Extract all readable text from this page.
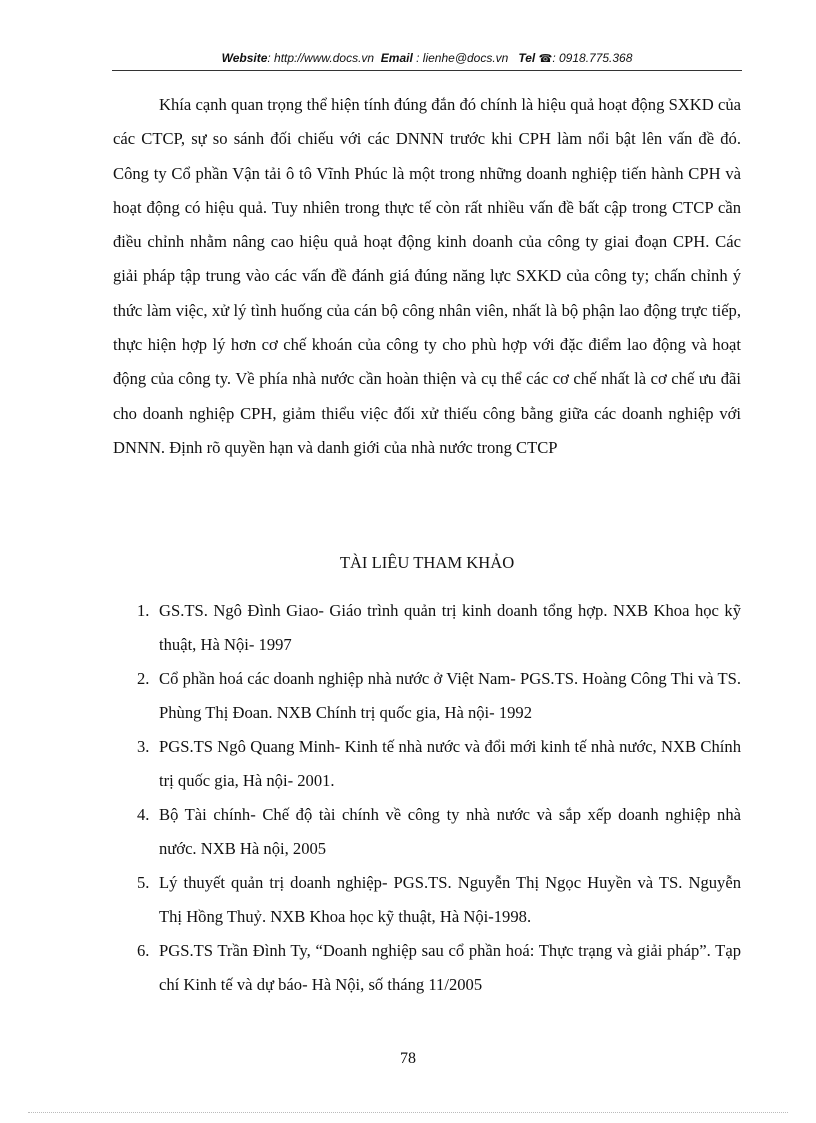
Website: http://www.docs.vn Email : lienhe@docs.vn Tel ☎: 0918.775.368

Khía cạnh quan trọng thể hiện tính đúng đắn đó chính là hiệu quả hoạt động SXKD của các CTCP, sự so sánh đối chiếu với các DNNN trước khi CPH làm nổi bật lên vấn đề đó. Công ty Cổ phần Vận tải ô tô Vĩnh Phúc là một trong những doanh nghiệp tiến hành CPH và hoạt động có hiệu quả. Tuy nhiên trong thực tế còn rất nhiều vấn đề bất cập trong CTCP cần điều chỉnh nhằm nâng cao hiệu quả hoạt động kinh doanh của công ty giai đoạn CPH. Các giải pháp tập trung vào các vấn đề đánh giá đúng năng lực SXKD của công ty; chấn chỉnh ý thức làm việc, xử lý tình huống của cán bộ công nhân viên, nhất là bộ phận lao động trực tiếp, thực hiện hợp lý hơn cơ chế khoán của công ty cho phù hợp với đặc điểm lao động và hoạt động của công ty. Về phía nhà nước cần hoàn thiện và cụ thể các cơ chế nhất là cơ chế ưu đãi cho doanh nghiệp CPH, giảm thiểu việc đối xử thiếu công bằng giữa các doanh nghiệp với DNNN. Định rõ quyền hạn và danh giới của nhà nước trong CTCP

TÀI LIÊU THAM KHẢO

1. GS.TS. Ngô Đình Giao- Giáo trình quản trị kinh doanh tổng hợp. NXB Khoa học kỹ thuật, Hà Nội- 1997
2. Cổ phần hoá các doanh nghiệp nhà nước ở Việt Nam- PGS.TS. Hoàng Công Thi và TS. Phùng Thị Đoan. NXB Chính trị quốc gia, Hà nội- 1992
3. PGS.TS Ngô Quang Minh- Kinh tế nhà nước và đổi mới kinh tế nhà nước, NXB Chính trị quốc gia, Hà nội- 2001.
4. Bộ Tài chính- Chế độ tài chính về công ty nhà nước và sắp xếp doanh nghiệp nhà nước. NXB Hà nội, 2005
5. Lý thuyết quản trị doanh nghiệp- PGS.TS. Nguyễn Thị Ngọc Huyền và TS. Nguyễn Thị Hồng Thuỷ. NXB Khoa học kỹ thuật, Hà Nội-1998.
6. PGS.TS Trần Đình Ty, “Doanh nghiệp sau cổ phần hoá: Thực trạng và giải pháp”. Tạp chí Kinh tế và dự báo- Hà Nội, số tháng 11/2005
78
